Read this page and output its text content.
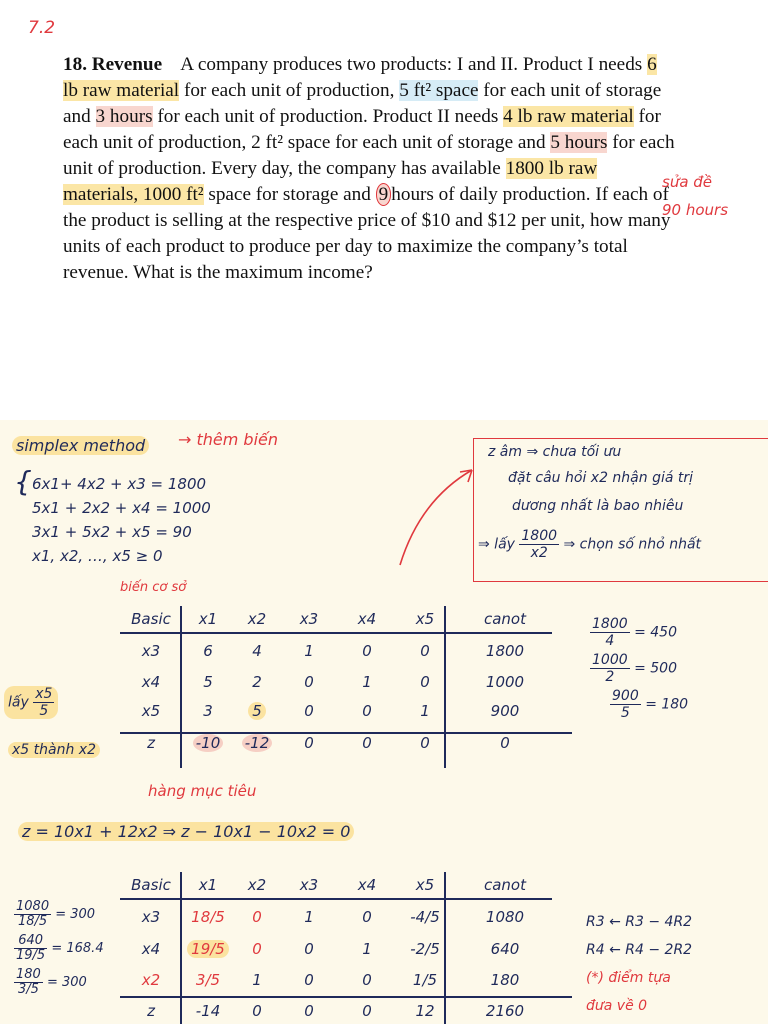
7.2
18. Revenue A company produces two products: I and II. Product I needs 6 lb raw material for each unit of production, 5 ft² space for each unit of storage and 3 hours for each unit of production. Product II needs 4 lb raw material for each unit of production, 2 ft² space for each unit of storage and 5 hours for each unit of production. Every day, the company has available 1800 lb raw materials, 1000 ft² space for storage and 9 hours of daily production. If each of the product is selling at the respective price of $10 and $12 per unit, how many units of each product to produce per day to maximize the company’s total revenue. What is the maximum income?
sửa đề
90 hours
simplex method → thêm biến
{ 6x1+ 4x2 + x3 = 1800
5x1 + 2x2 + x4 = 1000
3x1 + 5x2 + x5 = 90
x1, x2, …, x5 ≥ 0
z âm ⇒ chưa tối ưu
đặt câu hỏi x2 nhận giá trị
dương nhất là bao nhiêu
⇒ lấy $\frac{1800}{x2}$ ⇒ chọn số nhỏ nhất
biến cơ sở
Basic	x1	x2	x3	x4	x5	canot
x3	6	4	1	0	0	1800
x4	5	2	0	1	0	1000
x5	3	5	0	0	1	900
z	-10	-12	0	0	0	0
$\frac{1800}{4} = 450$
$\frac{1000}{2} = 500$
$\frac{900}{5} = 180$
lấy $\frac{x5}{5}$
x5 thành x2
hàng mục tiêu
z = 10x1 + 12x2 ⇒ z − 10x1 − 10x2 = 0
Basic	x1	x2	x3	x4	x5	canot
x3	18/5	0	1	0	-4/5	1080
x4	19/5	0	0	1	-2/5	640
x2	3/5	1	0	0	1/5	180
z	-14	0	0	0	12	2160
$\frac{1080}{18/5} = 300$
$\frac{640}{19/5} = 168.4$
$\frac{180}{3/5} = 300$
R3 ← R3 − 4R2
R4 ← R4 − 2R2
(*) điểm tựa
đưa về 0
